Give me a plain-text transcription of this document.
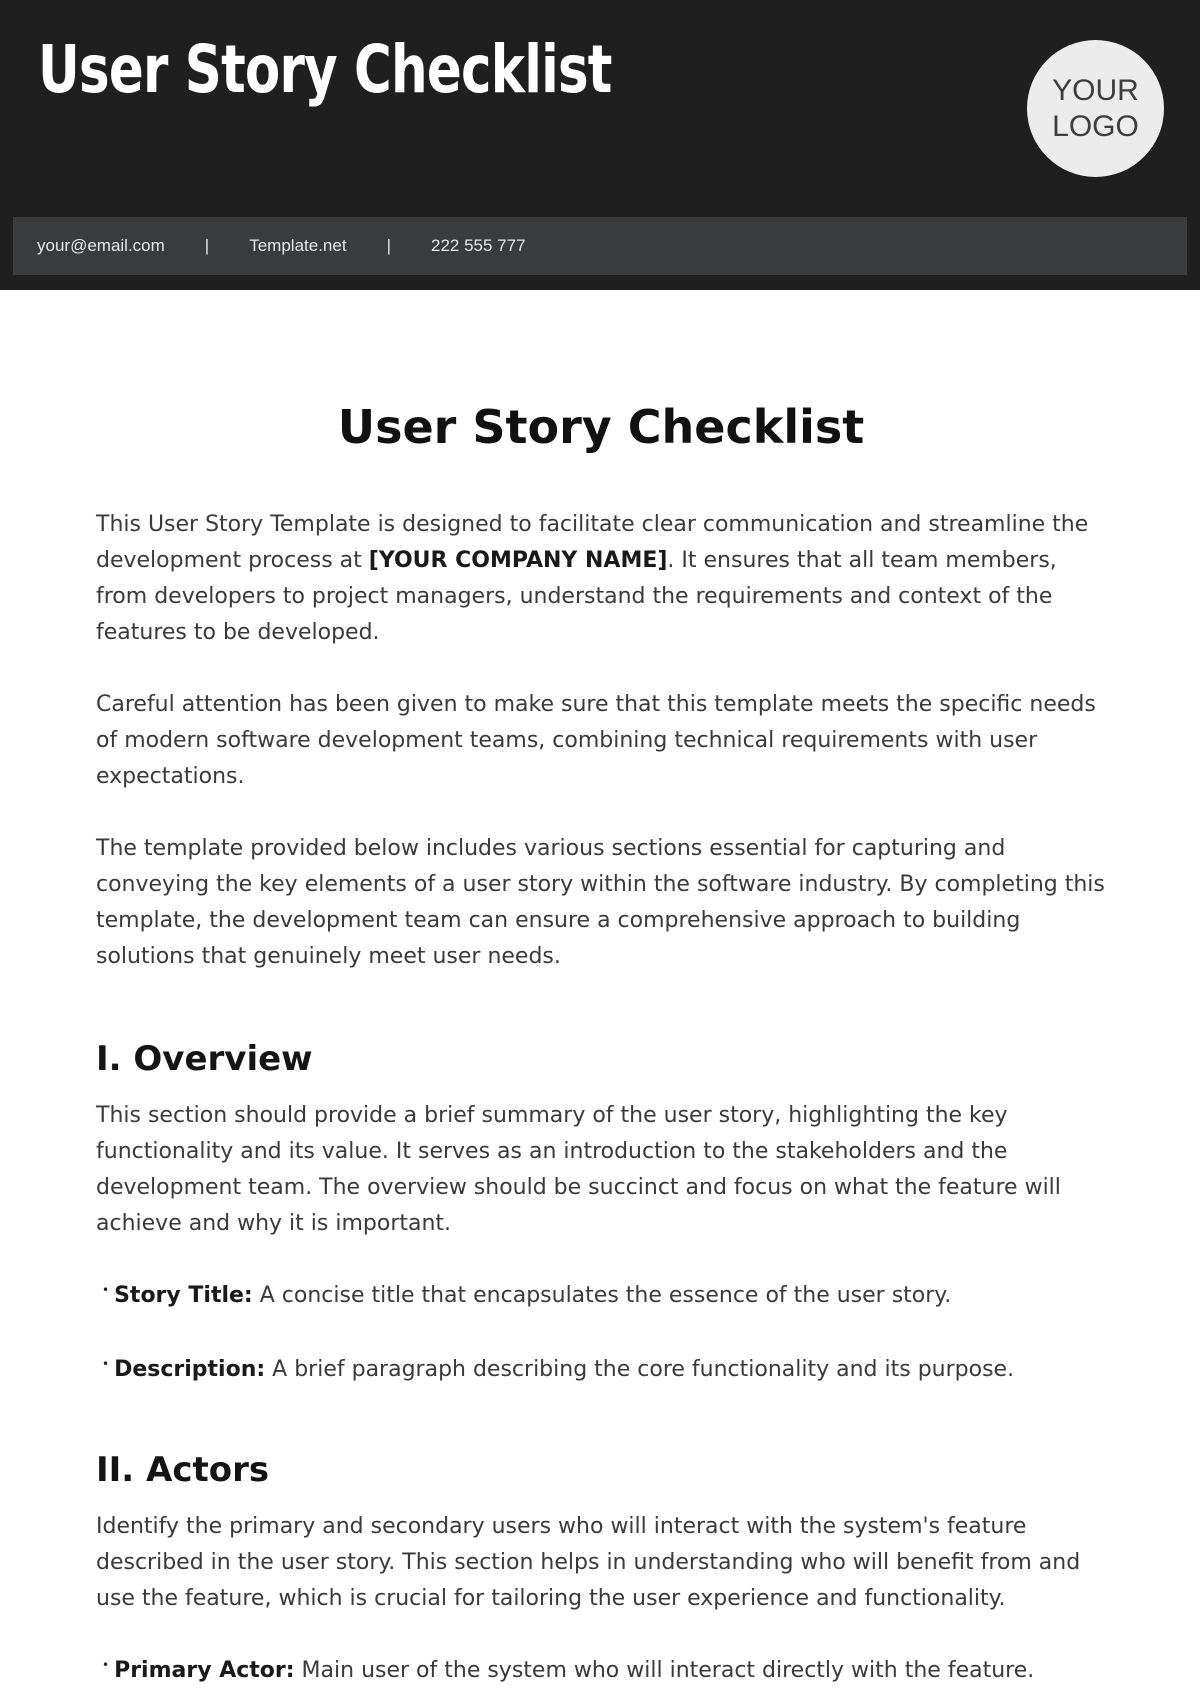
User Story Checklist	YOUR
LOGO
your@email.com | Template.net | 222 555 777
User Story Checklist

This User Story Template is designed to facilitate clear communication and streamline the development process at [YOUR COMPANY NAME]. It ensures that all team members, from developers to project managers, understand the requirements and context of the features to be developed.

Careful attention has been given to make sure that this template meets the specific needs of modern software development teams, combining technical requirements with user expectations.

The template provided below includes various sections essential for capturing and conveying the key elements of a user story within the software industry. By completing this template, the development team can ensure a comprehensive approach to building solutions that genuinely meet user needs.

I. Overview

This section should provide a brief summary of the user story, highlighting the key functionality and its value. It serves as an introduction to the stakeholders and the development team. The overview should be succinct and focus on what the feature will achieve and why it is important.

• Story Title: A concise title that encapsulates the essence of the user story.
• Description: A brief paragraph describing the core functionality and its purpose.
II. Actors

Identify the primary and secondary users who will interact with the system's feature described in the user story. This section helps in understanding who will benefit from and use the feature, which is crucial for tailoring the user experience and functionality.

• Primary Actor: Main user of the system who will interact directly with the feature.
